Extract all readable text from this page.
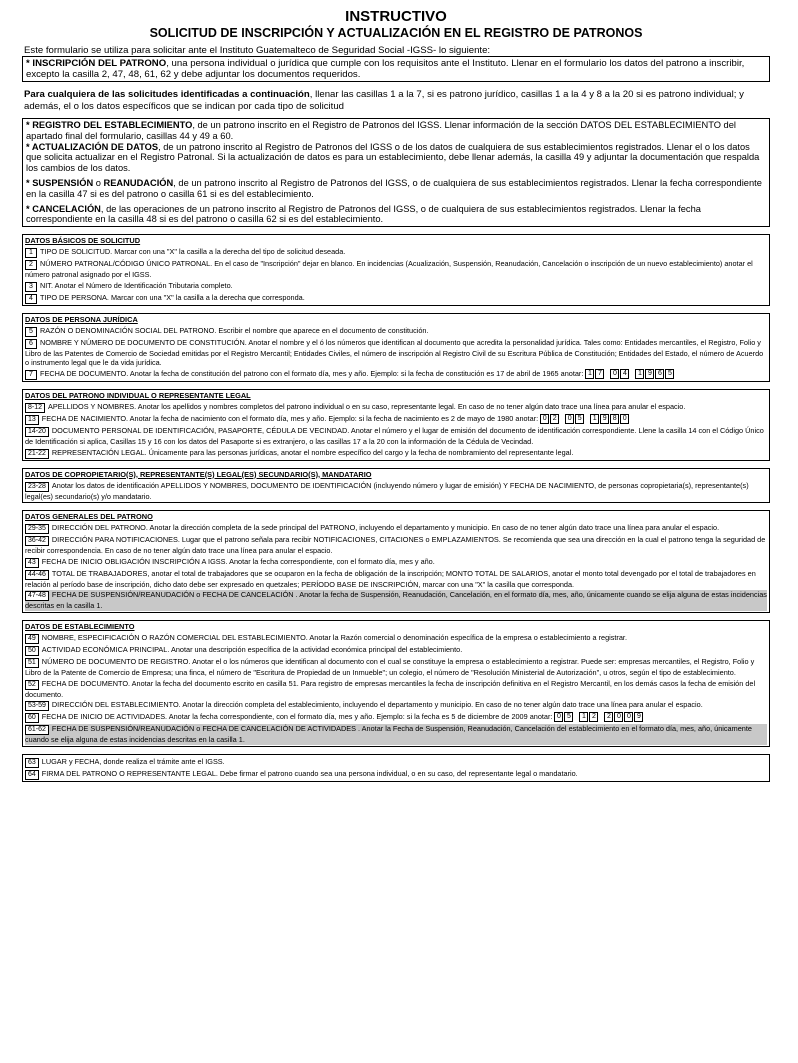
INSTRUCTIVO
SOLICITUD DE INSCRIPCIÓN Y ACTUALIZACIÓN EN EL REGISTRO DE PATRONOS
Este formulario se utiliza para solicitar ante el Instituto Guatemalteco de Seguridad Social -IGSS- lo siguiente:
* INSCRIPCIÓN DEL PATRONO, una persona individual o jurídica que cumple con los requisitos ante el Instituto. Llenar en el formulario los datos del patrono a inscribir, excepto la casilla 2, 47, 48, 61, 62 y debe adjuntar los documentos requeridos.
Para cualquiera de las solicitudes identificadas a continuación, llenar las casillas 1 a la 7, si es patrono jurídico, casillas 1 a la 4 y 8 a la 20 si es patrono individual; y además, el o los datos específicos que se indican por cada tipo de solicitud
* REGISTRO DEL ESTABLECIMIENTO, de un patrono inscrito en el Registro de Patronos del IGSS. Llenar información de la sección DATOS DEL ESTABLECIMIENTO del apartado final del formulario, casillas 44 y 49 a 60.
* ACTUALIZACIÓN DE DATOS, de un patrono inscrito al Registro de Patronos del IGSS o de los datos de cualquiera de sus establecimientos registrados. Llenar el o los datos que solicita actualizar en el Registro Patronal. Si la actualización de datos es para un establecimiento, debe llenar además, la casilla 49 y adjuntar la documentación que respalda los cambios de los datos.
* SUSPENSIÓN o REANUDACIÓN, de un patrono inscrito al Registro de Patronos del IGSS, o de cualquiera de sus establecimientos registrados. Llenar la fecha correspondiente en la casilla 47 si es del patrono o casilla 61 si es del establecimiento.
* CANCELACIÓN, de las operaciones de un patrono inscrito al Registro de Patronos del IGSS, o de cualquiera de sus establecimientos registrados. Llenar la fecha correspondiente en la casilla 48 si es del patrono o casilla 62 si es del establecimiento.
DATOS BÁSICOS DE SOLICITUD
1 TIPO DE SOLICITUD. Marcar con una "X" la casilla a la derecha del tipo de solicitud deseada.
2 NÚMERO PATRONAL/CÓDIGO ÚNICO PATRONAL. En el caso de "Inscripción" dejar en blanco. En incidencias (Acualización, Suspensión, Reanudación, Cancelación o inscripción de un nuevo establecimiento) anotar el número patronal asignado por el IGSS.
3 NIT. Anotar el Número de Identificación Tributaria completo.
4 TIPO DE PERSONA. Marcar con una "X" la casilla a la derecha que corresponda.
DATOS DE PERSONA JURÍDICA
5 RAZÓN O DENOMINACIÓN SOCIAL DEL PATRONO. Escribir el nombre que aparece en el documento de constitución.
6 NOMBRE Y NÚMERO DE DOCUMENTO DE CONSTITUCIÓN. Anotar el nombre y el ó los números que identifican al documento que acredita la personalidad jurídica. Tales como: Entidades mercantiles, el Registro, Folio y Libro de las Patentes de Comercio de Sociedad emitidas por el Registro Mercantil; Entidades Civiles, el número de inscripción al Registro Civil de su Escritura Pública de Constitución; Entidades del Estado, el número de Acuerdo o instrumento legal que le da vida jurídica.
7 FECHA DE DOCUMENTO. Anotar la fecha de constitución del patrono con el formato día, mes y año. Ejemplo: si la fecha de constitución es 17 de abril de 1965 anotar: 1 7	0 4	1 9 6 5
DATOS DEL PATRONO INDIVIDUAL O REPRESENTANTE LEGAL
8-12 APELLIDOS Y NOMBRES. Anotar los apellidos y nombres completos del patrono individual o en su caso, representante legal. En caso de no tener algún dato trace una línea para anular el espacio.
13 FECHA DE NACIMIENTO. Anotar la fecha de nacimiento con el formato día, mes y año. Ejemplo: si la fecha de nacimiento es 2 de mayo de 1980 anotar: 0 2	0 5	1 9 8 0
14-20 DOCUMENTO PERSONAL DE IDENTIFICACIÓN, PASAPORTE, CÉDULA DE VECINDAD. Anotar el número y el lugar de emisión del documento de identificación correspondiente. Llene la casilla 14 con el Código Único de Identificación si aplica, Casillas 15 y 16 con los datos del Pasaporte si es extranjero, o las casillas 17 a la 20 con la información de la Cédula de Vecindad.
21-22 REPRESENTACIÓN LEGAL. Únicamente para las personas jurídicas, anotar el nombre específico del cargo y la fecha de nombramiento del representante legal.
DATOS DE COPROPIETARIO(S), REPRESENTANTE(S) LEGAL(ES) SECUNDARIO(S), MANDATARIO
23-28 Anotar los datos de identificación APELLIDOS Y NOMBRES, DOCUMENTO DE IDENTIFICACIÓN (incluyendo número y lugar de emisión) Y FECHA DE NACIMIENTO, de personas copropietaria(s), representante(s) legal(es) secundario(s) y/o mandatario.
DATOS GENERALES DEL PATRONO
29-35 DIRECCIÓN DEL PATRONO. Anotar la dirección completa de la sede principal del PATRONO, incluyendo el departamento y municipio. En caso de no tener algún dato trace una línea para anular el espacio.
36-42 DIRECCIÓN PARA NOTIFICACIONES. Lugar que el patrono señala para recibir NOTIFICACIONES, CITACIONES o EMPLAZAMIENTOS. Se recomienda que sea una dirección en la cual el patrono tenga la seguridad de recibir correspondencia. En caso de no tener algún dato trace una línea para anular el espacio.
43 FECHA DE INICIO OBLIGACIÓN INSCRIPCIÓN A IGSS. Anotar la fecha correspondiente, con el formato día, mes y año.
44-46 TOTAL DE TRABAJADORES, anotar el total de trabajadores que se ocuparon en la fecha de obligación de la inscripción; MONTO TOTAL DE SALARIOS, anotar el monto total devengado por el total de trabajadores en relación al período base de inscripción, dicho dato debe ser expresado en quetzales; PERÍODO BASE DE INSCRIPCIÓN, marcar con una "X" la casilla que corresponda.
47-48 FECHA DE SUSPENSIÓN/REANUDACIÓN o FECHA DE CANCELACIÓN . Anotar la fecha de Suspensión, Reanudación, Cancelación, en el formato día, mes, año, únicamente cuando se elija alguna de estas incidencias descritas en la casilla 1.
DATOS DE ESTABLECIMIENTO
49 NOMBRE, ESPECIFICACIÓN O RAZÓN COMERCIAL DEL ESTABLECIMIENTO. Anotar la Razón comercial o denominación específica de la empresa o establecimiento a registrar.
50 ACTIVIDAD ECONÓMICA PRINCIPAL. Anotar una descripción específica de la actividad económica principal del establecimiento.
51 NÚMERO DE DOCUMENTO DE REGISTRO. Anotar el o los números que identifican al documento con el cual se constituye la empresa o establecimiento a registrar. Puede ser: empresas mercantiles, el Registro, Folio y Libro de la Patente de Comercio de Empresa; una finca, el número de "Escritura de Propiedad de un Inmueble"; un colegio, el número de "Resolución Ministerial de Autorización", u otros, según el tipo de establecimiento.
52 FECHA DE DOCUMENTO. Anotar la fecha del documento escrito en casilla 51. Para registro de empresas mercantiles la fecha de inscripción definitiva en el Registro Mercantil, en los demás casos la fecha de emisión del documento.
53-59 DIRECCIÓN DEL ESTABLECIMIENTO. Anotar la dirección completa del establecimiento, incluyendo el departamento y municipio. En caso de no tener algún dato trace una línea para anular el espacio.
60 FECHA DE INICIO DE ACTIVIDADES. Anotar la fecha correspondiente, con el formato día, mes y año. Ejemplo: si la fecha es 5 de diciembre de 2009 anotar: 0 5	1 2	2 0 0 9
61-62 FECHA DE SUSPENSIÓN/REANUDACIÓN o FECHA DE CANCELACIÓN DE ACTIVIDADES . Anotar la Fecha de Suspensión, Reanudación, Cancelación del establecimiento en el formato día, mes, año, únicamente cuando se elija alguna de estas incidencias descritas en la casilla 1.
63 LUGAR y FECHA, donde realiza el trámite ante el IGSS.
64 FIRMA DEL PATRONO O REPRESENTANTE LEGAL. Debe firmar el patrono cuando sea una persona individual, o en su caso, del representante legal o mandatario.
